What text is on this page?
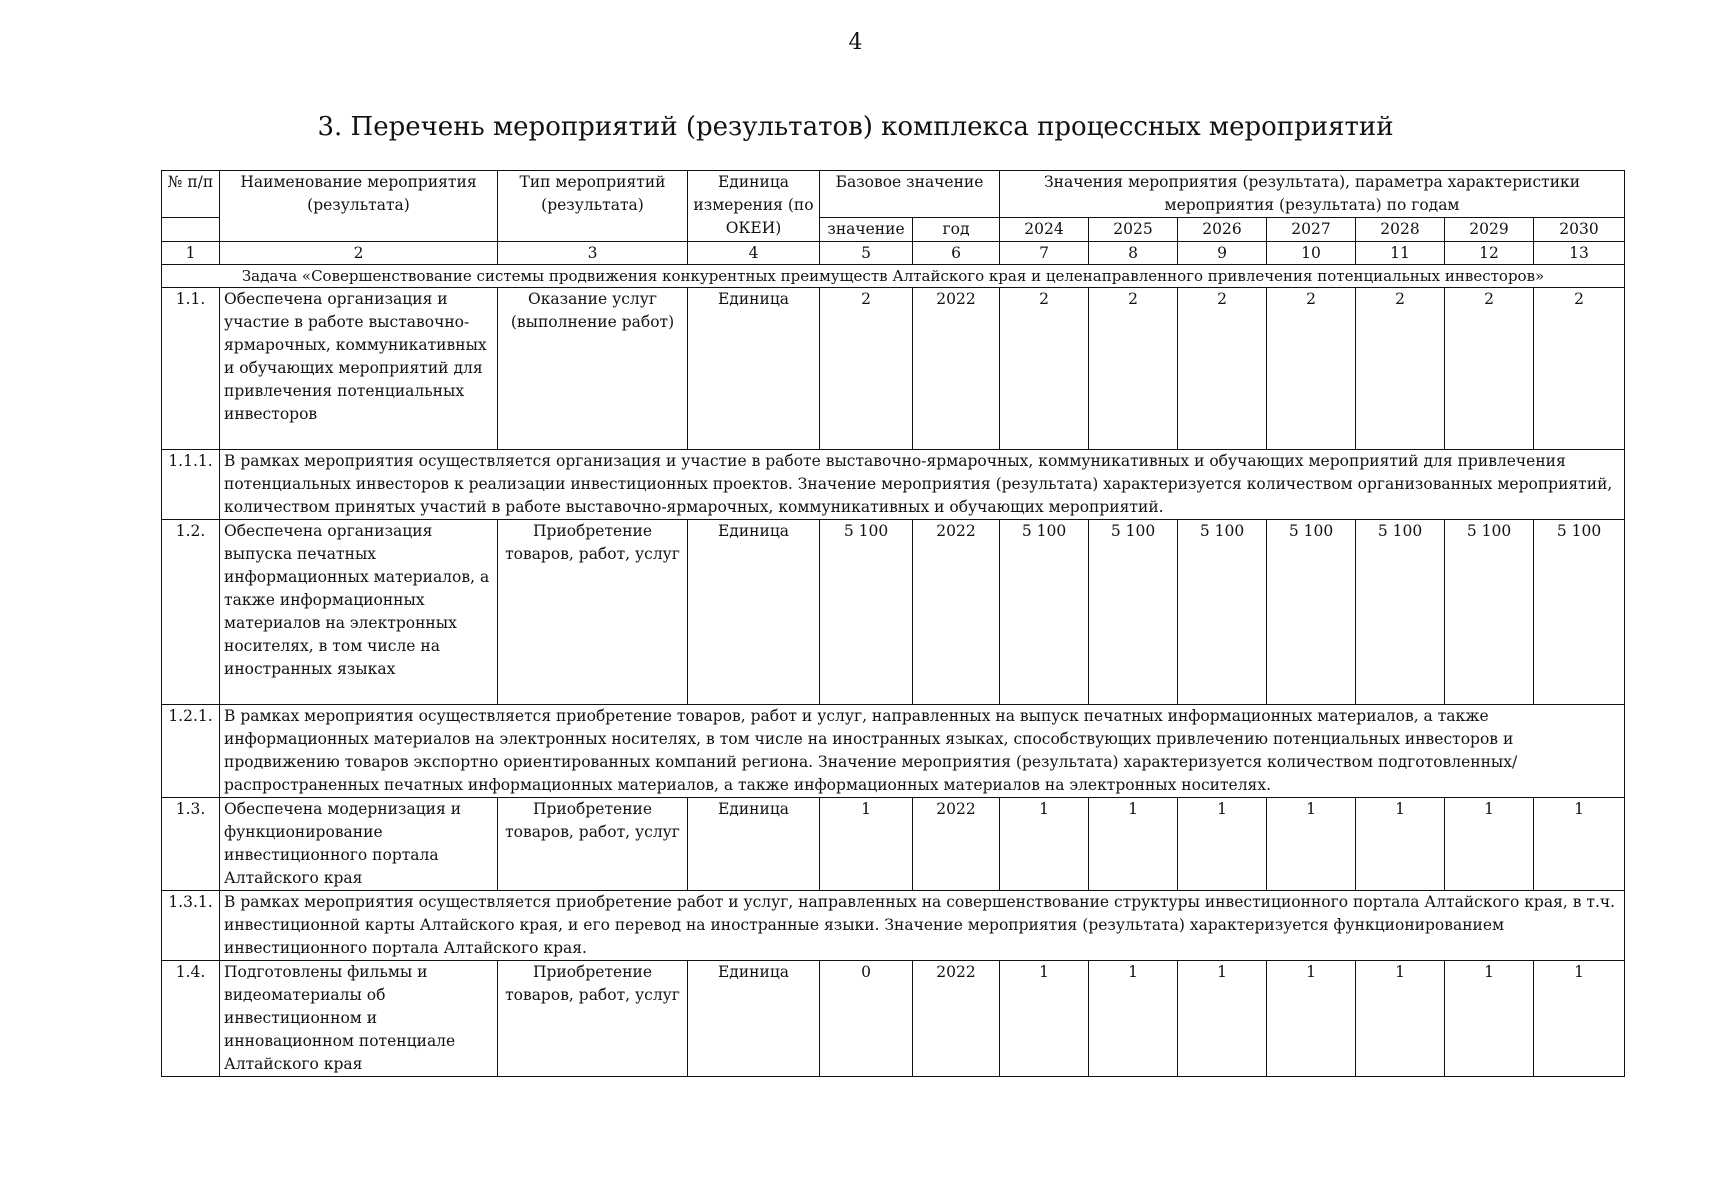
4
3. Перечень мероприятий (результатов) комплекса процессных мероприятий
№ п/п	Наименование мероприятия (результата)	Тип мероприятий (результата)	Единица измерения (по ОКЕИ)	Базовое значение		Значения мероприятия (результата), параметра характеристики мероприятия (результата) по годам						

				значение	год	2024	2025	2026	2027	2028	2029	2030
1	2	3	4	5	6	7	8	9	10	11	12	13
Задача «Совершенствование системы продвижения конкурентных преимуществ Алтайского края и целенаправленного привлечения потенциальных инвесторов»												
1.1.	Обеспечена организация и участие в работе выставочно-ярмарочных, коммуникативных и обучающих мероприятий для привлечения потенциальных инвесторов	Оказание услуг (выполнение работ)	Единица	2	2022	2	2	2	2	2	2	2
1.1.1.	В рамках мероприятия осуществляется организация и участие в работе выставочно-ярмарочных, коммуникативных и обучающих мероприятий для привлечения потенциальных инвесторов к реализации инвестиционных проектов. Значение мероприятия (результата) характеризуется количеством организованных мероприятий, количеством принятых участий в работе выставочно-ярмарочных, коммуникативных и обучающих мероприятий.											
1.2.	Обеспечена организация выпуска печатных информационных материалов, а также информационных материалов на электронных носителях, в том числе на иностранных языках	Приобретение товаров, работ, услуг	Единица	5 100	2022	5 100	5 100	5 100	5 100	5 100	5 100	5 100
1.2.1.	В рамках мероприятия осуществляется приобретение товаров, работ и услуг, направленных на выпуск печатных информационных материалов, а также информационных материалов на электронных носителях, в том числе на иностранных языках, способствующих привлечению потенциальных инвесторов и продвижению товаров экспортно ориентированных компаний региона. Значение мероприятия (результата) характеризуется количеством подготовленных/ распространенных печатных информационных материалов, а также информационных материалов на электронных носителях.											
1.3.	Обеспечена модернизация и функционирование инвестиционного портала Алтайского края	Приобретение товаров, работ, услуг	Единица	1	2022	1	1	1	1	1	1	1
1.3.1.	В рамках мероприятия осуществляется приобретение работ и услуг, направленных на совершенствование структуры инвестиционного портала Алтайского края, в т.ч. инвестиционной карты Алтайского края, и его перевод на иностранные языки. Значение мероприятия (результата) характеризуется функционированием инвестиционного портала Алтайского края.											
1.4.	Подготовлены фильмы и видеоматериалы об инвестиционном и инновационном потенциале Алтайского края	Приобретение товаров, работ, услуг	Единица	0	2022	1	1	1	1	1	1	1
